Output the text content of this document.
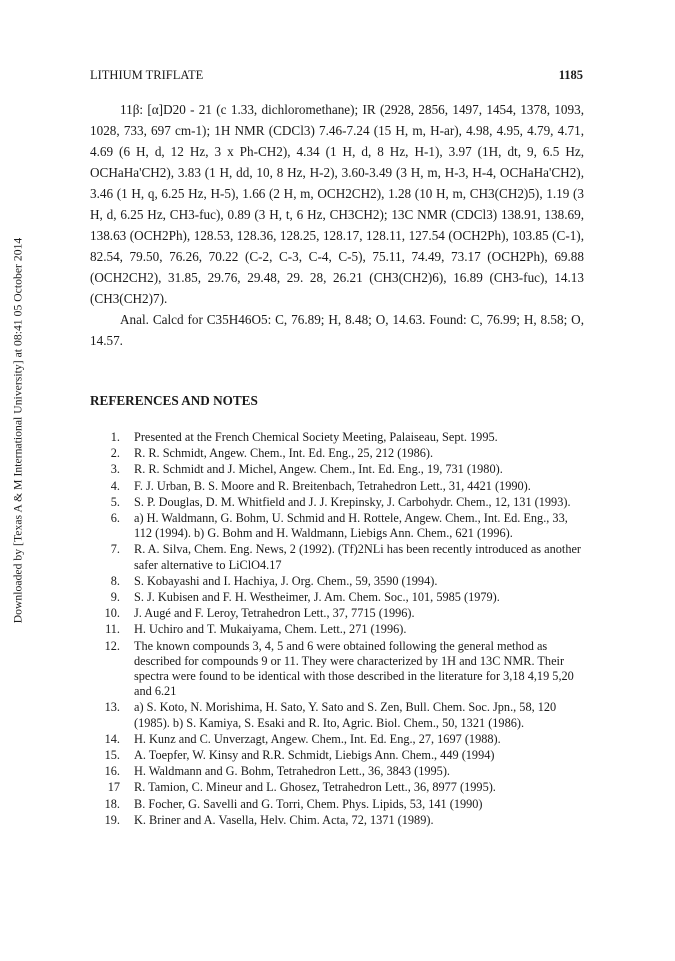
Downloaded by [Texas A & M International University] at 08:41 05 October 2014
LITHIUM TRIFLATE	1185

11β: [α]D20 - 21 (c 1.33, dichloromethane); IR (2928, 2856, 1497, 1454, 1378, 1093, 1028, 733, 697 cm-1); 1H NMR (CDCl3) 7.46-7.24 (15 H, m, H-ar), 4.98, 4.95, 4.79, 4.71, 4.69 (6 H, d, 12 Hz, 3 x Ph-CH2), 4.34 (1 H, d, 8 Hz, H-1), 3.97 (1H, dt, 9, 6.5 Hz, OCHaHa'CH2), 3.83 (1 H, dd, 10, 8 Hz, H-2), 3.60-3.49 (3 H, m, H-3, H-4, OCHaHa'CH2), 3.46 (1 H, q, 6.25 Hz, H-5), 1.66 (2 H, m, OCH2CH2), 1.28 (10 H, m, CH3(CH2)5), 1.19 (3 H, d, 6.25 Hz, CH3-fuc), 0.89 (3 H, t, 6 Hz, CH3CH2); 13C NMR (CDCl3) 138.91, 138.69, 138.63 (OCH2Ph), 128.53, 128.36, 128.25, 128.17, 128.11, 127.54 (OCH2Ph), 103.85 (C-1), 82.54, 79.50, 76.26, 70.22 (C-2, C-3, C-4, C-5), 75.11, 74.49, 73.17 (OCH2Ph), 69.88 (OCH2CH2), 31.85, 29.76, 29.48, 29. 28, 26.21 (CH3(CH2)6), 16.89 (CH3-fuc), 14.13 (CH3(CH2)7).

Anal. Calcd for C35H46O5: C, 76.89; H, 8.48; O, 14.63. Found: C, 76.99; H, 8.58; O, 14.57.

REFERENCES AND NOTES
1. Presented at the French Chemical Society Meeting, Palaiseau, Sept. 1995.
2. R. R. Schmidt, Angew. Chem., Int. Ed. Eng., 25, 212 (1986).
3. R. R. Schmidt and J. Michel, Angew. Chem., Int. Ed. Eng., 19, 731 (1980).
4. F. J. Urban, B. S. Moore and R. Breitenbach, Tetrahedron Lett., 31, 4421 (1990).
5. S. P. Douglas, D. M. Whitfield and J. J. Krepinsky, J. Carbohydr. Chem., 12, 131 (1993).
6. a) H. Waldmann, G. Bohm, U. Schmid and H. Rottele, Angew. Chem., Int. Ed. Eng., 33, 112 (1994). b) G. Bohm and H. Waldmann, Liebigs Ann. Chem., 621 (1996).
7. R. A. Silva, Chem. Eng. News, 2 (1992). (Tf)2NLi has been recently introduced as another safer alternative to LiClO4.17
8. S. Kobayashi and I. Hachiya, J. Org. Chem., 59, 3590 (1994).
9. S. J. Kubisen and F. H. Westheimer, J. Am. Chem. Soc., 101, 5985 (1979).
10. J. Augé and F. Leroy, Tetrahedron Lett., 37, 7715 (1996).
11. H. Uchiro and T. Mukaiyama, Chem. Lett., 271 (1996).
12. The known compounds 3, 4, 5 and 6 were obtained following the general method as described for compounds 9 or 11. They were characterized by 1H and 13C NMR. Their spectra were found to be identical with those described in the literature for 3,18 4,19 5,20 and 6.21
13. a) S. Koto, N. Morishima, H. Sato, Y. Sato and S. Zen, Bull. Chem. Soc. Jpn., 58, 120 (1985). b) S. Kamiya, S. Esaki and R. Ito, Agric. Biol. Chem., 50, 1321 (1986).
14. H. Kunz and C. Unverzagt, Angew. Chem., Int. Ed. Eng., 27, 1697 (1988).
15. A. Toepfer, W. Kinsy and R.R. Schmidt, Liebigs Ann. Chem., 449 (1994)
16. H. Waldmann and G. Bohm, Tetrahedron Lett., 36, 3843 (1995).
17 R. Tamion, C. Mineur and L. Ghosez, Tetrahedron Lett., 36, 8977 (1995).
18. B. Focher, G. Savelli and G. Torri, Chem. Phys. Lipids, 53, 141 (1990)
19. K. Briner and A. Vasella, Helv. Chim. Acta, 72, 1371 (1989).
